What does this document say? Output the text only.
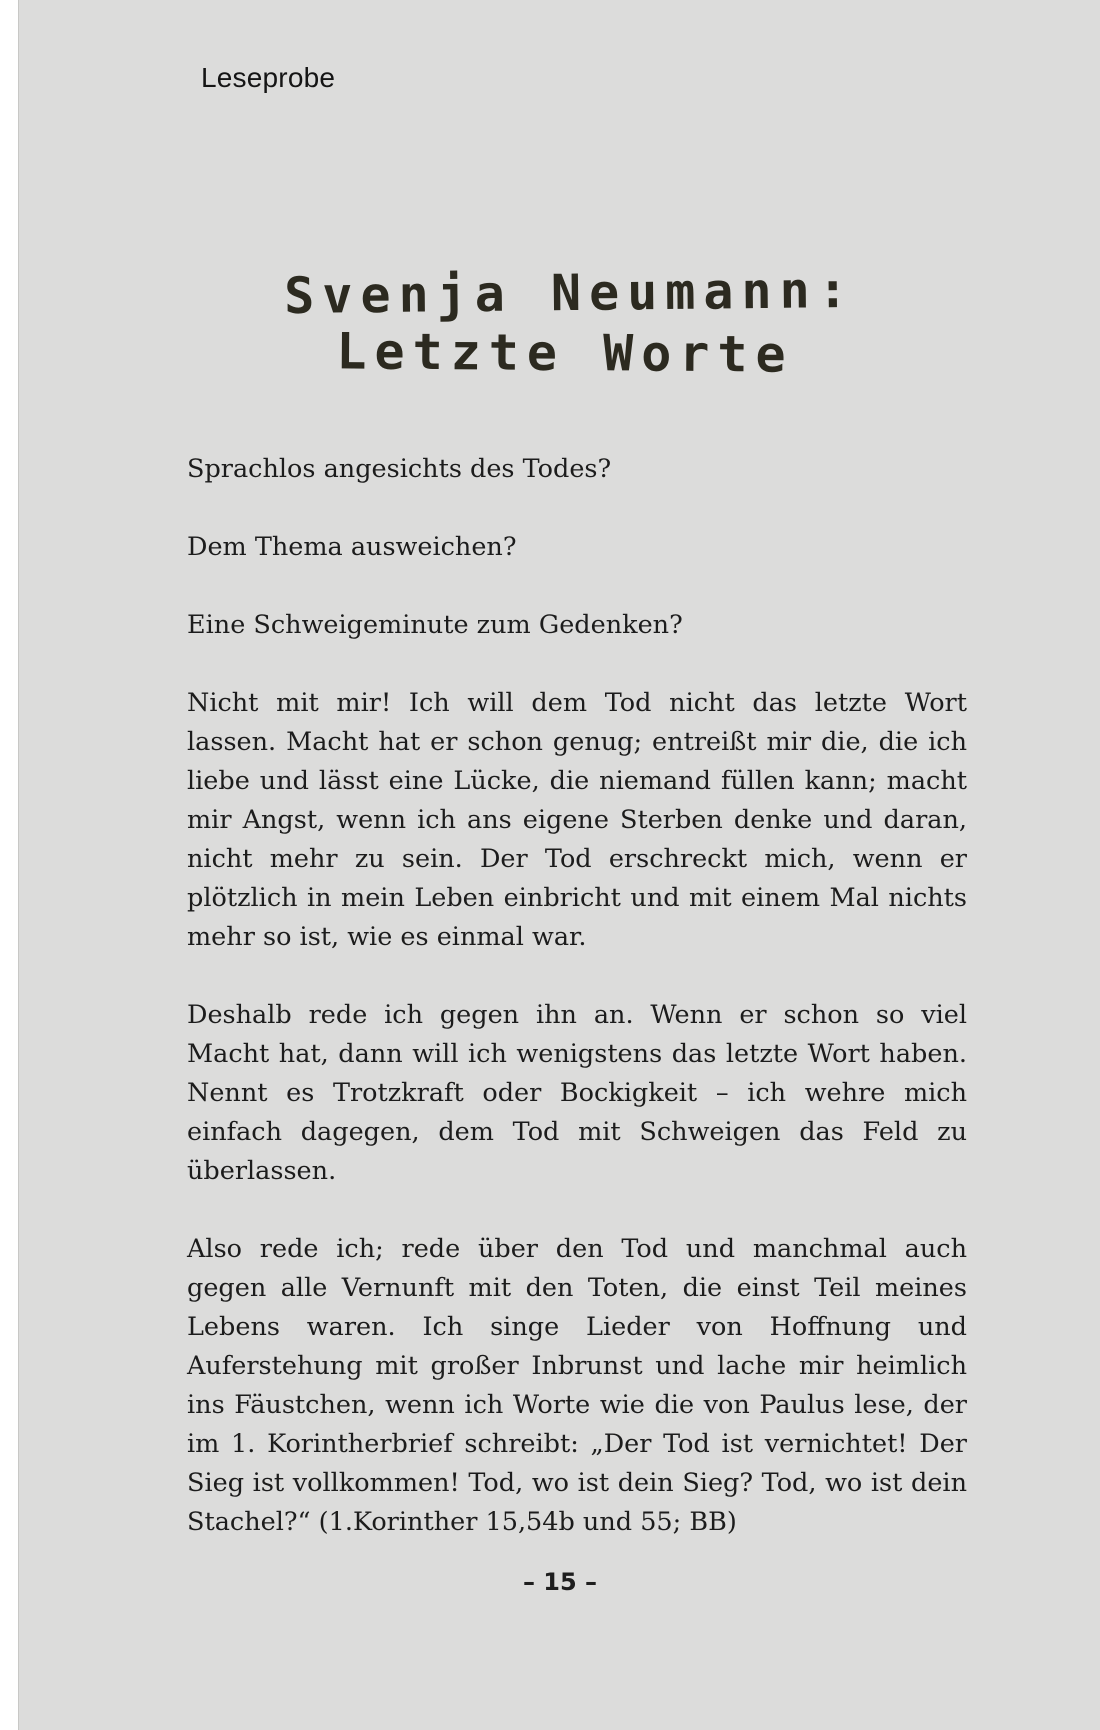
Leseprobe
Svenja Neumann:
Letzte Worte

Sprachlos angesichts des Todes?

Dem Thema ausweichen?

Eine Schweigeminute zum Gedenken?

Nicht mit mir! Ich will dem Tod nicht das letzte Wort lassen. Macht hat er schon genug; entreißt mir die, die ich liebe und lässt eine Lücke, die niemand füllen kann; macht mir Angst, wenn ich ans eigene Sterben denke und daran, nicht mehr zu sein. Der Tod erschreckt mich, wenn er plötzlich in mein Leben einbricht und mit einem Mal nichts mehr so ist, wie es einmal war.

Deshalb rede ich gegen ihn an. Wenn er schon so viel Macht hat, dann will ich wenigstens das letzte Wort haben. Nennt es Trotzkraft oder Bockigkeit – ich wehre mich einfach dagegen, dem Tod mit Schweigen das Feld zu überlassen.

Also rede ich; rede über den Tod und manchmal auch gegen alle Vernunft mit den Toten, die einst Teil meines Lebens waren. Ich singe Lieder von Hoffnung und Auferstehung mit großer Inbrunst und lache mir heimlich ins Fäustchen, wenn ich Worte wie die von Paulus lese, der im 1. Korintherbrief schreibt: „Der Tod ist vernichtet! Der Sieg ist vollkommen! Tod, wo ist dein Sieg? Tod, wo ist dein Stachel?“ (1.Korinther 15,54b und 55; BB)

– 15 –
